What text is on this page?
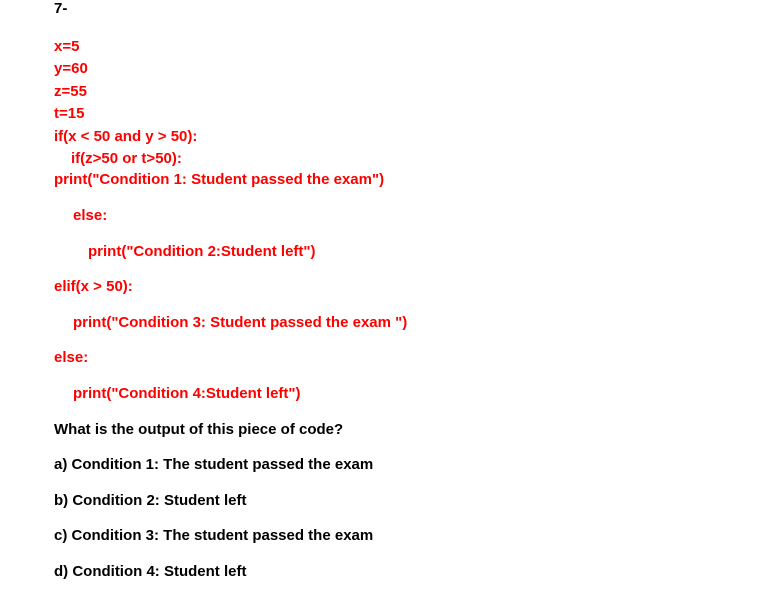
7-
x=5
y=60
z=55
t=15
if(x < 50 and y > 50):
if(z>50 or t>50):
print("Condition 1: Student passed the exam")
else:
print("Condition 2:Student left")
elif(x > 50):
print("Condition 3: Student passed the exam ")
else:
print("Condition 4:Student left")
What is the output of this piece of code?
a) Condition 1: The student passed the exam
b) Condition 2: Student left
c) Condition 3: The student passed the exam
d) Condition 4: Student left
